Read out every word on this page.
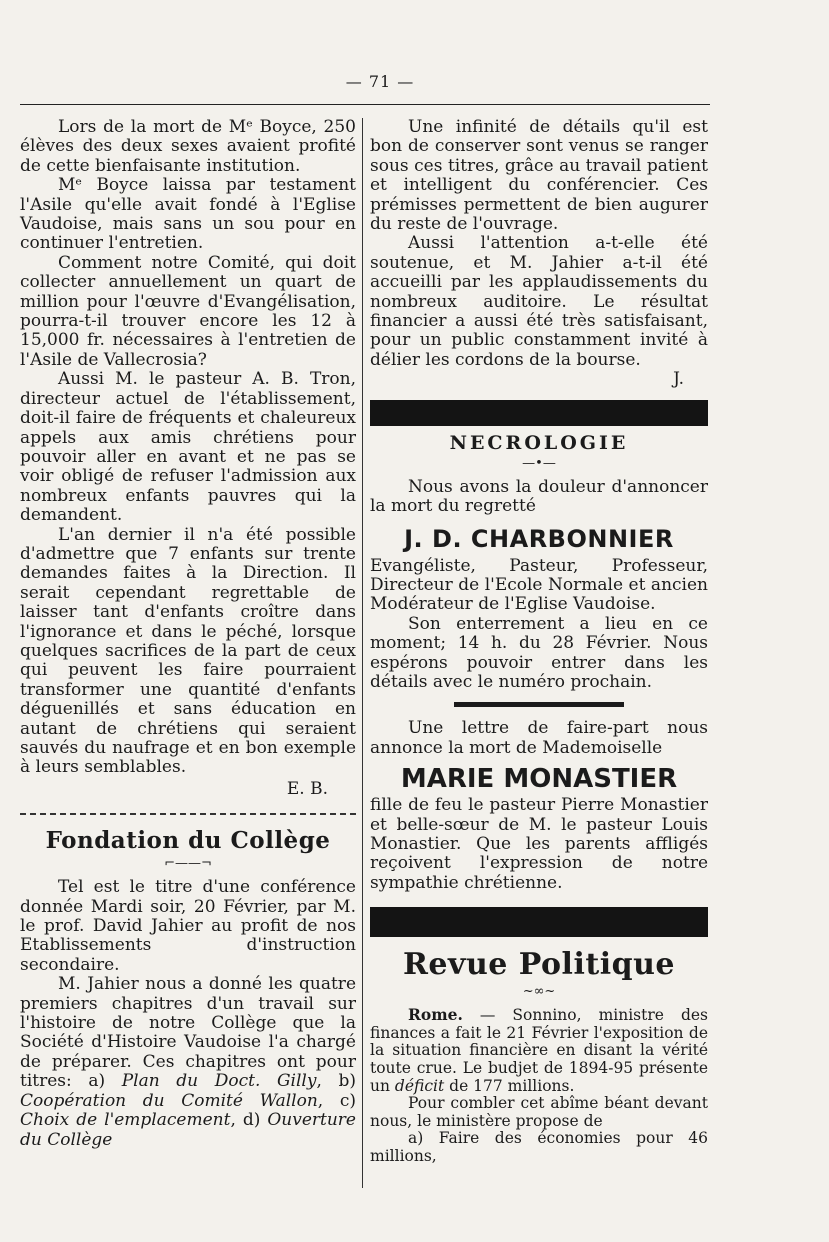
— 71 —

Lors de la mort de Mᵉ Boyce, 250 élèves des deux sexes avaient profité de cette bienfaisante institution.

Mᵉ Boyce laissa par testament l'Asile qu'elle avait fondé à l'Eglise Vaudoise, mais sans un sou pour en continuer l'entretien.

Comment notre Comité, qui doit collecter annuellement un quart de million pour l'œuvre d'Evangélisation, pourra-t-il trouver encore les 12 à 15,000 fr. nécessaires à l'entretien de l'Asile de Vallecrosia?

Aussi M. le pasteur A. B. Tron, directeur actuel de l'établissement, doit-il faire de fréquents et chaleureux appels aux amis chrétiens pour pouvoir aller en avant et ne pas se voir obligé de refuser l'admission aux nombreux enfants pauvres qui la demandent.

L'an dernier il n'a été possible d'admettre que 7 enfants sur trente demandes faites à la Direction. Il serait cependant regrettable de laisser tant d'enfants croître dans l'ignorance et dans le péché, lorsque quelques sacrifices de la part de ceux qui peuvent les faire pourraient transformer une quantité d'enfants déguenillés et sans éducation en autant de chrétiens qui seraient sauvés du naufrage et en bon exemple à leurs semblables.

E. B.

Fondation du Collège
⌐——¬

Tel est le titre d'une conférence donnée Mardi soir, 20 Février, par M. le prof. David Jahier au profit de nos Etablissements d'instruction secondaire.

M. Jahier nous a donné les quatre premiers chapitres d'un travail sur l'histoire de notre Collège que la Société d'Histoire Vaudoise l'a chargé de préparer. Ces chapitres ont pour titres: a) Plan du Doct. Gilly, b) Coopération du Comité Wallon, c) Choix de l'emplacement, d) Ouverture du Collège

Une infinité de détails qu'il est bon de conserver sont venus se ranger sous ces titres, grâce au travail patient et intelligent du conférencier. Ces prémisses permettent de bien augurer du reste de l'ouvrage.

Aussi l'attention a-t-elle été soutenue, et M. Jahier a-t-il été accueilli par les applaudissements du nombreux auditoire. Le résultat financier a aussi été très satisfaisant, pour un public constamment invité à délier les cordons de la bourse.

J.

NECROLOGIE
—•—

Nous avons la douleur d'annoncer la mort du regretté

J. D. CHARBONNIER

Evangéliste, Pasteur, Professeur, Directeur de l'Ecole Normale et ancien Modérateur de l'Eglise Vaudoise.

Son enterrement a lieu en ce moment; 14 h. du 28 Février. Nous espérons pouvoir entrer dans les détails avec le numéro prochain.

Une lettre de faire-part nous annonce la mort de Mademoiselle

MARIE MONASTIER

fille de feu le pasteur Pierre Monastier et belle-sœur de M. le pasteur Louis Monastier. Que les parents affligés reçoivent l'expression de notre sympathie chrétienne.

Revue Politique
~∞~

Rome. — Sonnino, ministre des finances a fait le 21 Février l'exposition de la situation financière en disant la vérité toute crue. Le budjet de 1894-95 présente un déficit de 177 millions.

Pour combler cet abîme béant devant nous, le ministère propose de

a) Faire des économies pour 46 millions,
